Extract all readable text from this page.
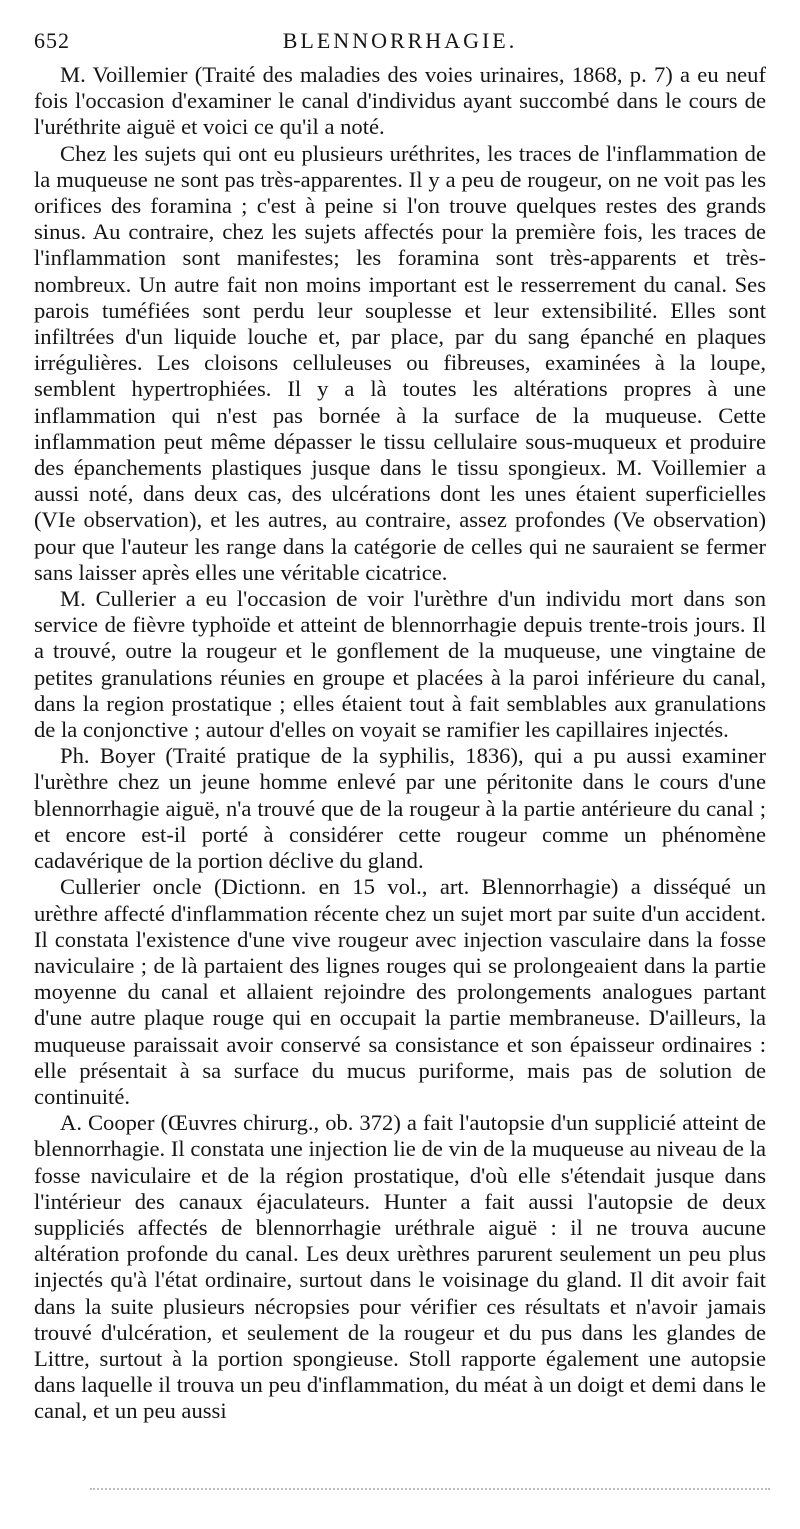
652	BLENNORRHAGIE.

M. Voillemier (Traité des maladies des voies urinaires, 1868, p. 7) a eu neuf fois l'occasion d'examiner le canal d'individus ayant succombé dans le cours de l'uréthrite aiguë et voici ce qu'il a noté.

Chez les sujets qui ont eu plusieurs uréthrites, les traces de l'inflammation de la muqueuse ne sont pas très-apparentes. Il y a peu de rougeur, on ne voit pas les orifices des foramina ; c'est à peine si l'on trouve quelques restes des grands sinus. Au contraire, chez les sujets affectés pour la première fois, les traces de l'inflammation sont manifestes; les foramina sont très-apparents et très-nombreux. Un autre fait non moins important est le resserrement du canal. Ses parois tuméfiées sont perdu leur souplesse et leur extensibilité. Elles sont infiltrées d'un liquide louche et, par place, par du sang épanché en plaques irrégulières. Les cloisons celluleuses ou fibreuses, examinées à la loupe, semblent hypertrophiées. Il y a là toutes les altérations propres à une inflammation qui n'est pas bornée à la surface de la muqueuse. Cette inflammation peut même dépasser le tissu cellulaire sous-muqueux et produire des épanchements plastiques jusque dans le tissu spongieux. M. Voillemier a aussi noté, dans deux cas, des ulcérations dont les unes étaient superficielles (VIe observation), et les autres, au contraire, assez profondes (Ve observation) pour que l'auteur les range dans la catégorie de celles qui ne sauraient se fermer sans laisser après elles une véritable cicatrice.

M. Cullerier a eu l'occasion de voir l'urèthre d'un individu mort dans son service de fièvre typhoïde et atteint de blennorrhagie depuis trente-trois jours. Il a trouvé, outre la rougeur et le gonflement de la muqueuse, une vingtaine de petites granulations réunies en groupe et placées à la paroi inférieure du canal, dans la region prostatique ; elles étaient tout à fait semblables aux granulations de la conjonctive ; autour d'elles on voyait se ramifier les capillaires injectés.

Ph. Boyer (Traité pratique de la syphilis, 1836), qui a pu aussi examiner l'urèthre chez un jeune homme enlevé par une péritonite dans le cours d'une blennorrhagie aiguë, n'a trouvé que de la rougeur à la partie antérieure du canal ; et encore est-il porté à considérer cette rougeur comme un phénomène cadavérique de la portion déclive du gland.

Cullerier oncle (Dictionn. en 15 vol., art. Blennorrhagie) a disséqué un urèthre affecté d'inflammation récente chez un sujet mort par suite d'un accident. Il constata l'existence d'une vive rougeur avec injection vasculaire dans la fosse naviculaire ; de là partaient des lignes rouges qui se prolongeaient dans la partie moyenne du canal et allaient rejoindre des prolongements analogues partant d'une autre plaque rouge qui en occupait la partie membraneuse. D'ailleurs, la muqueuse paraissait avoir conservé sa consistance et son épaisseur ordinaires : elle présentait à sa surface du mucus puriforme, mais pas de solution de continuité.

A. Cooper (Œuvres chirurg., ob. 372) a fait l'autopsie d'un supplicié atteint de blennorrhagie. Il constata une injection lie de vin de la muqueuse au niveau de la fosse naviculaire et de la région prostatique, d'où elle s'étendait jusque dans l'intérieur des canaux éjaculateurs. Hunter a fait aussi l'autopsie de deux suppliciés affectés de blennorrhagie uréthrale aiguë : il ne trouva aucune altération profonde du canal. Les deux urèthres parurent seulement un peu plus injectés qu'à l'état ordinaire, surtout dans le voisinage du gland. Il dit avoir fait dans la suite plusieurs nécropsies pour vérifier ces résultats et n'avoir jamais trouvé d'ulcération, et seulement de la rougeur et du pus dans les glandes de Littre, surtout à la portion spongieuse. Stoll rapporte également une autopsie dans laquelle il trouva un peu d'inflammation, du méat à un doigt et demi dans le canal, et un peu aussi
